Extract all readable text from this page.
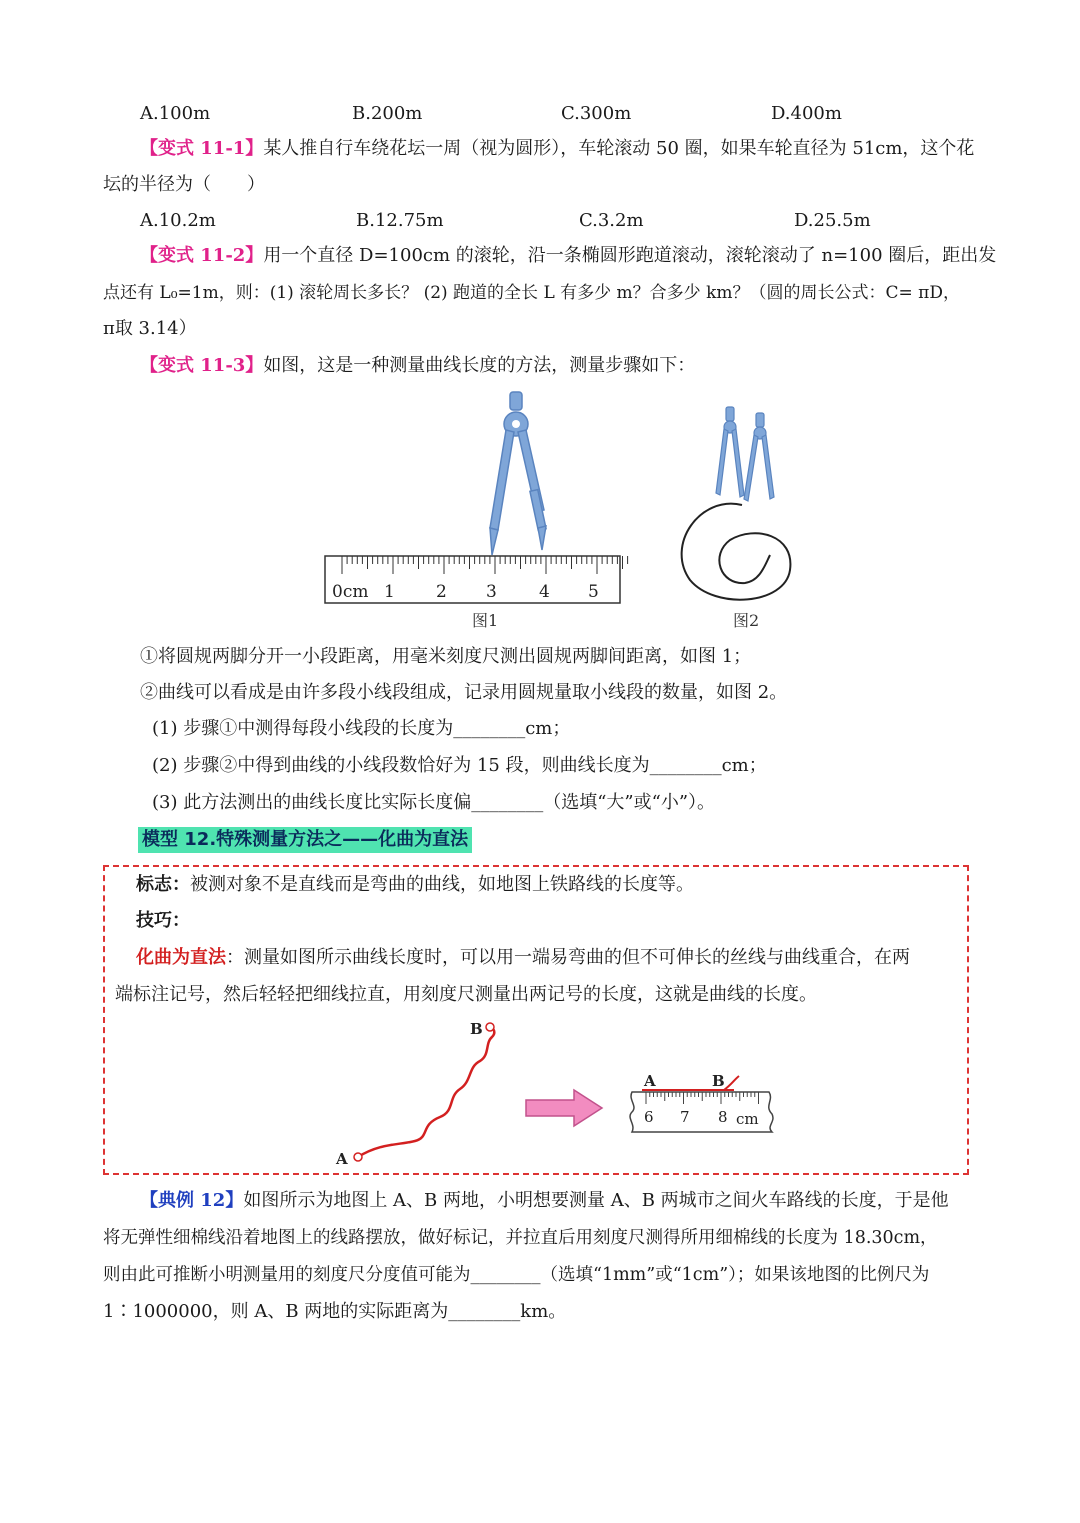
A.100m	B.200m	C.300m	D.400m
【变式 11-1】某人推自行车绕花坛一周（视为圆形），车轮滚动 50 圈，如果车轮直径为 51cm，这个花
坛的半径为（　　）
A.10.2m	B.12.75m	C.3.2m	D.25.5m
【变式 11-2】用一个直径 D=100cm 的滚轮，沿一条椭圆形跑道滚动，滚轮滚动了 n=100 圈后，距出发
点还有 L₀=1m，则：(1) 滚轮周长多长？ (2) 跑道的全长 L 有多少 m？合多少 km？（圆的周长公式：C= πD，
π取 3.14）
【变式 11-3】如图，这是一种测量曲线长度的方法，测量步骤如下：
0cm 1 2 3 4 5
图1	图2
①将圆规两脚分开一小段距离，用毫米刻度尺测出圆规两脚间距离，如图 1；
②曲线可以看成是由许多段小线段组成，记录用圆规量取小线段的数量，如图 2。
(1) 步骤①中测得每段小线段的长度为________cm；
(2) 步骤②中得到曲线的小线段数恰好为 15 段，则曲线长度为________cm；
(3) 此方法测出的曲线长度比实际长度偏________（选填“大”或“小”）。
模型 12.特殊测量方法之——化曲为直法
标志：被测对象不是直线而是弯曲的曲线，如地图上铁路线的长度等。
技巧：
化曲为直法：测量如图所示曲线长度时，可以用一端易弯曲的但不可伸长的丝线与曲线重合，在两
端标注记号，然后轻轻把细线拉直，用刻度尺测量出两记号的长度，这就是曲线的长度。
A
B
A	B
6 7 8 cm
【典例 12】如图所示为地图上 A、B 两地，小明想要测量 A、B 两城市之间火车路线的长度，于是他
将无弹性细棉线沿着地图上的线路摆放，做好标记，并拉直后用刻度尺测得所用细棉线的长度为 18.30cm，
则由此可推断小明测量用的刻度尺分度值可能为________（选填“1mm”或“1cm”）；如果该地图的比例尺为
1∶1000000，则 A、B 两地的实际距离为________km。
